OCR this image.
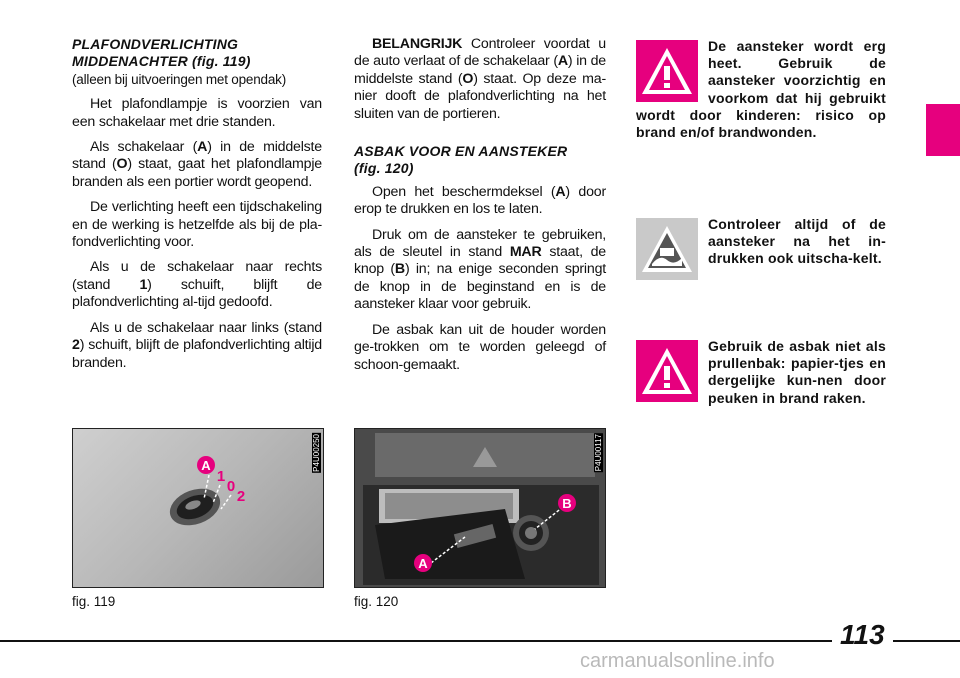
PLAFONDVERLICHTING MIDDENACHTER (fig. 119)
(alleen bij uitvoeringen met opendak)

Het plafondlampje is voorzien van een schakelaar met drie standen.

Als schakelaar (A) in de middelste stand (O) staat, gaat het plafondlampje branden als een portier wordt geopend.

De verlichting heeft een tijdschakeling en de werking is hetzelfde als bij de pla-fondverlichting voor.

Als u de schakelaar naar rechts (stand 1) schuift, blijft de plafondverlichting al-tijd gedoofd.

Als u de schakelaar naar links (stand 2) schuift, blijft de plafondverlichting altijd branden.

BELANGRIJK Controleer voordat u de auto verlaat of de schakelaar (A) in de middelste stand (O) staat. Op deze ma-nier dooft de plafondverlichting na het sluiten van de portieren.

ASBAK VOOR EN AANSTEKER
(fig. 120)

Open het beschermdeksel (A) door erop te drukken en los te laten.

Druk om de aansteker te gebruiken, als de sleutel in stand MAR staat, de knop (B) in; na enige seconden springt de knop in de beginstand en is de aansteker klaar voor gebruik.

De asbak kan uit de houder worden ge-trokken om te worden geleegd of schoon-gemaakt.

De aansteker wordt erg heet. Gebruik de aansteker voorzichtig en voorkom dat hij gebruikt wordt door kinderen: risico op brand en/of brandwonden.
Controleer altijd of de aansteker na het in-drukken ook uitscha-kelt.
Gebruik de asbak niet als prullenbak: papier-tjes en dergelijke kun-nen door peuken in brand raken.
A
1
0
2
P4U00250
fig. 119
B
A
P4U00117
fig. 120
113
carmanualsonline.info
